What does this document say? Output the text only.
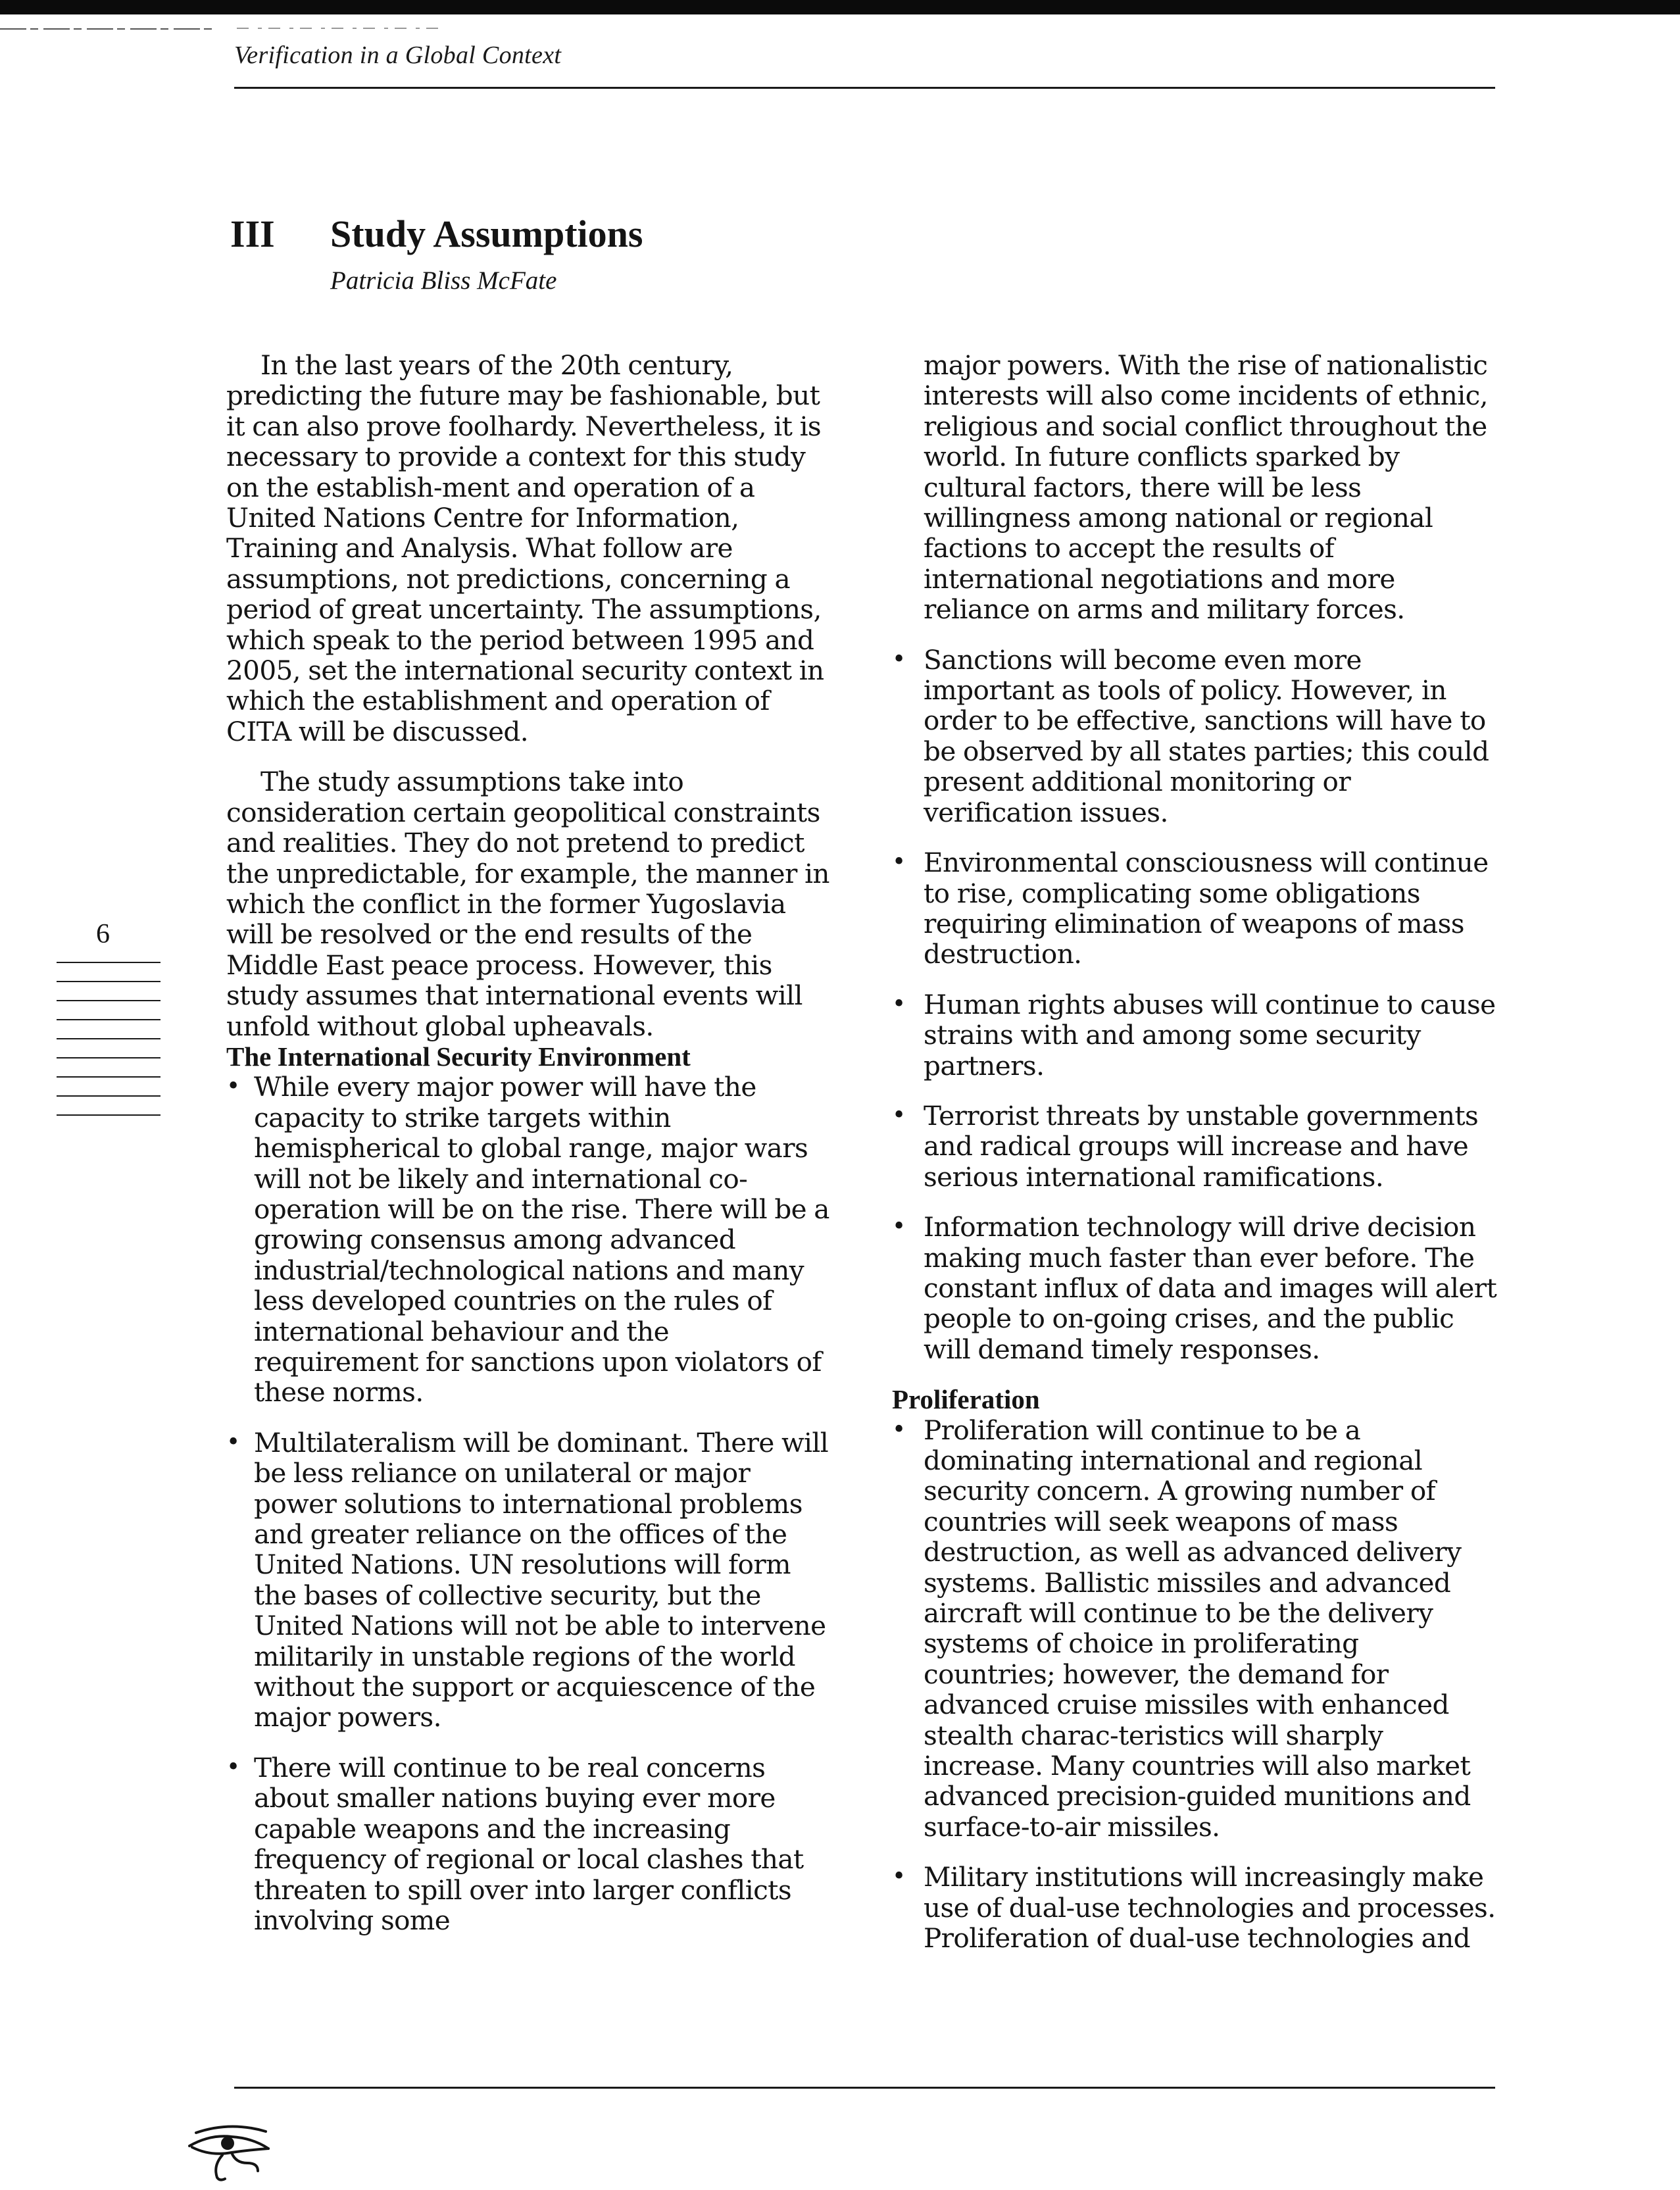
Verification in a Global Context
III Study Assumptions
Patricia Bliss McFate

In the last years of the 20th century, predicting the future may be fashionable, but it can also prove foolhardy. Nevertheless, it is necessary to provide a context for this study on the establish-ment and operation of a United Nations Centre for Information, Training and Analysis. What follow are assumptions, not predictions, concerning a period of great uncertainty. The assumptions, which speak to the period between 1995 and 2005, set the international security context in which the establishment and operation of CITA will be discussed.

The study assumptions take into consideration certain geopolitical constraints and realities. They do not pretend to predict the unpredictable, for example, the manner in which the conflict in the former Yugoslavia will be resolved or the end results of the Middle East peace process. However, this study assumes that international events will unfold without global upheavals.

The International Security Environment

• While every major power will have the capacity to strike targets within hemispherical to global range, major wars will not be likely and international co-operation will be on the rise. There will be a growing consensus among advanced industrial/technological nations and many less developed countries on the rules of international behaviour and the requirement for sanctions upon violators of these norms.
• Multilateralism will be dominant. There will be less reliance on unilateral or major power solutions to international problems and greater reliance on the offices of the United Nations. UN resolutions will form the bases of collective security, but the United Nations will not be able to intervene militarily in unstable regions of the world without the support or acquiescence of the major powers.
• There will continue to be real concerns about smaller nations buying ever more capable weapons and the increasing frequency of regional or local clashes that threaten to spill over into larger conflicts involving some

major powers. With the rise of nationalistic interests will also come incidents of ethnic, religious and social conflict throughout the world. In future conflicts sparked by cultural factors, there will be less willingness among national or regional factions to accept the results of international negotiations and more reliance on arms and military forces.

• Sanctions will become even more important as tools of policy. However, in order to be effective, sanctions will have to be observed by all states parties; this could present additional monitoring or verification issues.
• Environmental consciousness will continue to rise, complicating some obligations requiring elimination of weapons of mass destruction.
• Human rights abuses will continue to cause strains with and among some security partners.
• Terrorist threats by unstable governments and radical groups will increase and have serious international ramifications.
• Information technology will drive decision making much faster than ever before. The constant influx of data and images will alert people to on-going crises, and the public will demand timely responses.

Proliferation

• Proliferation will continue to be a dominating international and regional security concern. A growing number of countries will seek weapons of mass destruction, as well as advanced delivery systems. Ballistic missiles and advanced aircraft will continue to be the delivery systems of choice in proliferating countries; however, the demand for advanced cruise missiles with enhanced stealth charac-teristics will sharply increase. Many countries will also market advanced precision-guided munitions and surface-to-air missiles.
• Military institutions will increasingly make use of dual-use technologies and processes. Proliferation of dual-use technologies and
6
